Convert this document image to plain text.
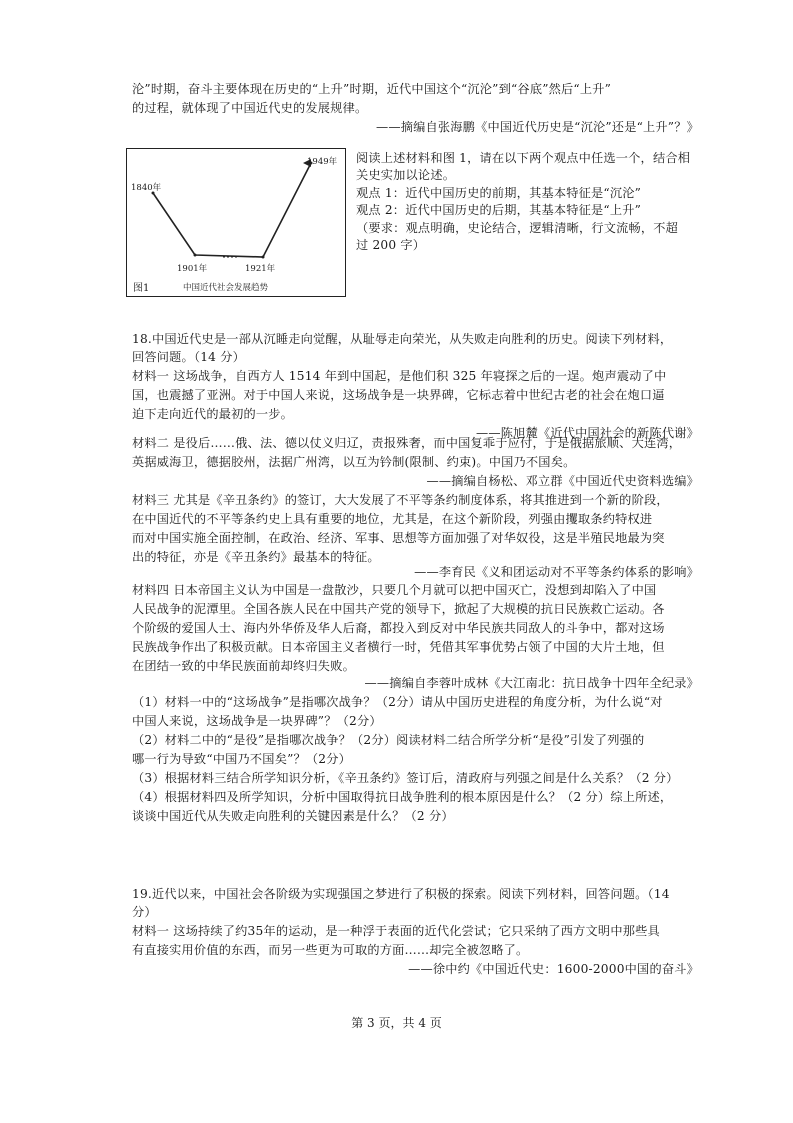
沦”时期，奋斗主要体现在历史的“上升”时期，近代中国这个“沉沦”到“谷底”然后“上升”
的过程，就体现了中国近代史的发展规律。
——摘编自张海鹏《中国近代历史是“沉沦”还是“上升”？》
1840年
1901年	1921年
1949年
图1	中国近代社会发展趋势
阅读上述材料和图 1，请在以下两个观点中任选一个，结合相
关史实加以论述。
观点 1：近代中国历史的前期，其基本特征是“沉沦”
观点 2：近代中国历史的后期，其基本特征是“上升”
（要求：观点明确，史论结合，逻辑清晰，行文流畅，不超
过 200 字）
18.中国近代史是一部从沉睡走向觉醒，从耻辱走向荣光，从失败走向胜利的历史。阅读下列材料，
回答问题。（14 分）
材料一 这场战争，自西方人 1514 年到中国起，是他们积 325 年寝探之后的一逞。炮声震动了中
国，也震撼了亚洲。对于中国人来说，这场战争是一块界碑，它标志着中世纪古老的社会在炮口逼
迫下走向近代的最初的一步。
——陈旭麓《近代中国社会的新陈代谢》
材料二 是役后……俄、法、德以仗义归辽，责报殊奢，而中国复乖于应付，于是俄据旅顺、大连湾，
英据威海卫，德据胶州，法据广州湾，以互为钤制(限制、约束)。中国乃不国矣。
——摘编自杨松、邓立群《中国近代史资料选编》
材料三 尤其是《辛丑条约》的签订，大大发展了不平等条约制度体系，将其推进到一个新的阶段，
在中国近代的不平等条约史上具有重要的地位，尤其是，在这个新阶段，列强由攫取条约特权进
而对中国实施全面控制，在政治、经济、军事、思想等方面加强了对华奴役，这是半殖民地最为突
出的特征，亦是《辛丑条约》最基本的特征。
——李育民《义和团运动对不平等条约体系的影响》
材料四 日本帝国主义认为中国是一盘散沙，只要几个月就可以把中国灭亡，没想到却陷入了中国
人民战争的泥潭里。全国各族人民在中国共产党的领导下，掀起了大规模的抗日民族救亡运动。各
个阶级的爱国人士、海内外华侨及华人后裔，都投入到反对中华民族共同敌人的斗争中，都对这场
民族战争作出了积极贡献。日本帝国主义者横行一时，凭借其军事优势占领了中国的大片土地，但
在团结一致的中华民族面前却终归失败。
——摘编自李蓉叶成林《大江南北：抗日战争十四年全纪录》
（1）材料一中的“这场战争”是指哪次战争？（2分）请从中国历史进程的角度分析，为什么说“对
中国人来说，这场战争是一块界碑”？（2分）
（2）材料二中的“是役”是指哪次战争？（2分）阅读材料二结合所学分析“是役”引发了列强的
哪一行为导致“中国乃不国矣”？（2分）
（3）根据材料三结合所学知识分析，《辛丑条约》签订后，清政府与列强之间是什么关系？（2 分）
（4）根据材料四及所学知识，分析中国取得抗日战争胜利的根本原因是什么？（2 分）综上所述，
谈谈中国近代从失败走向胜利的关键因素是什么？（2 分）
19.近代以来，中国社会各阶级为实现强国之梦进行了积极的探索。阅读下列材料，回答问题。（14
分）
材料一 这场持续了约35年的运动，是一种浮于表面的近代化尝试；它只采纳了西方文明中那些具
有直接实用价值的东西，而另一些更为可取的方面……却完全被忽略了。
——徐中约《中国近代史：1600-2000中国的奋斗》
第 3 页，共 4 页
